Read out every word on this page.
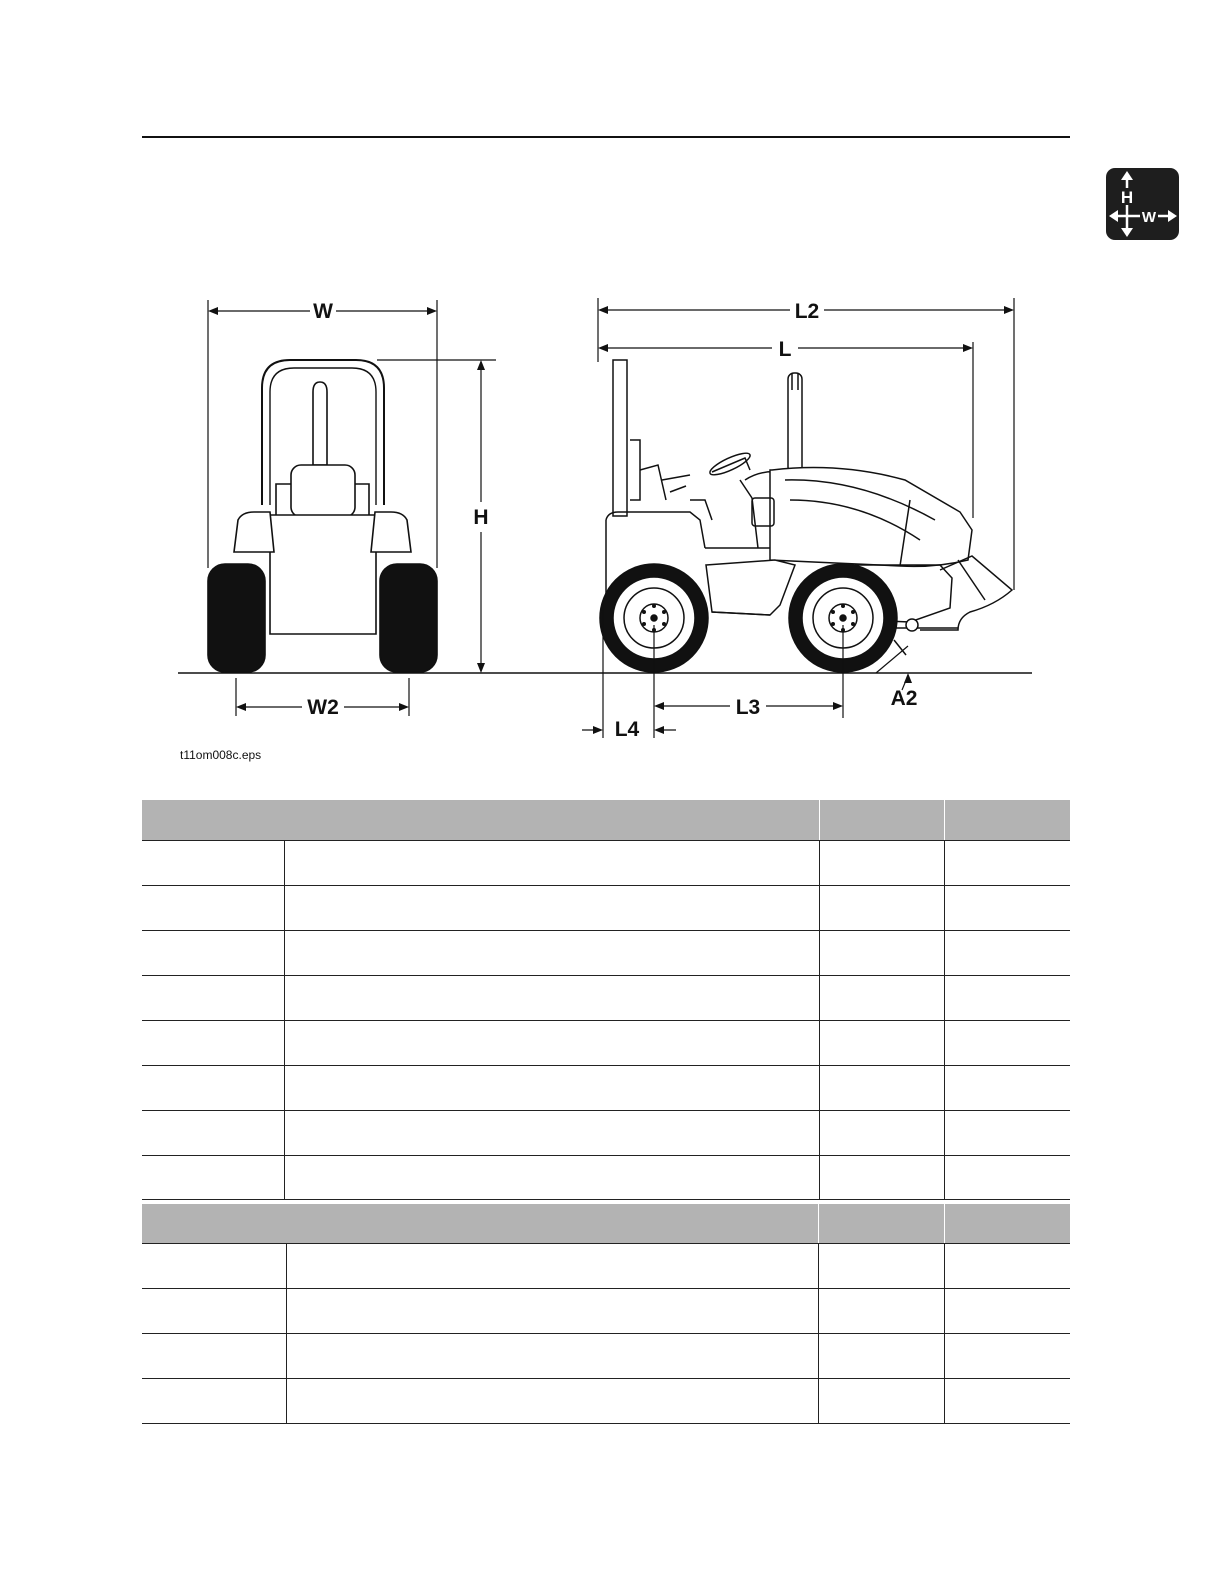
H
W
W
W2
H
L2
L
L3
L4
A2
t11om008c.eps
